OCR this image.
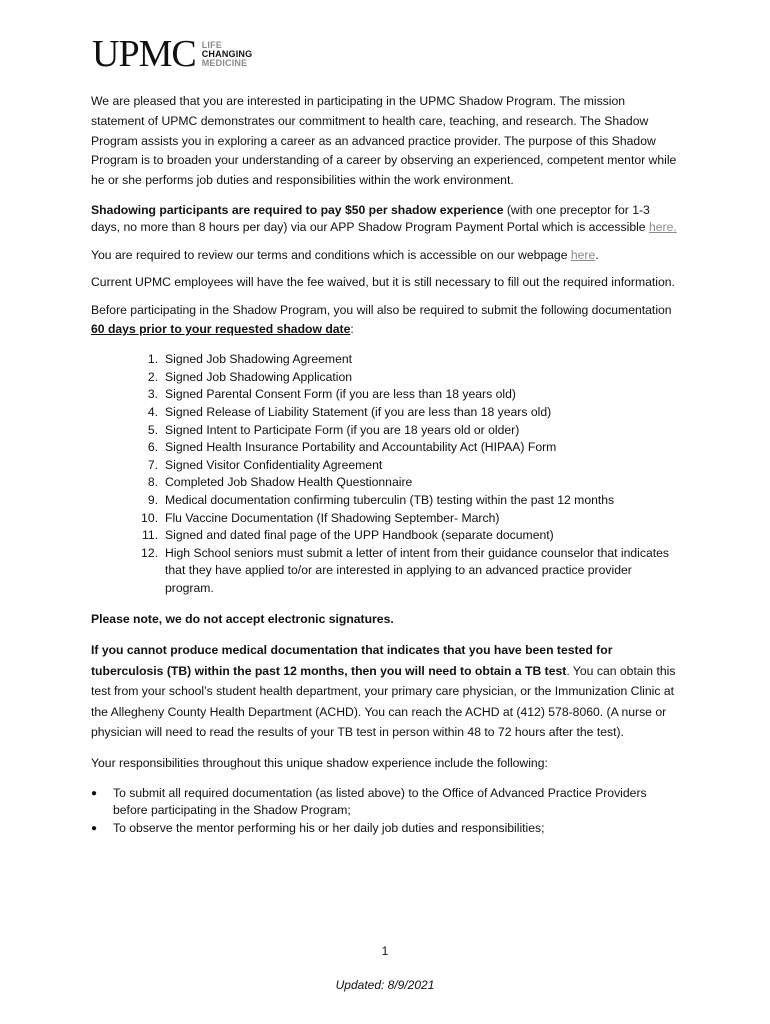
UPMC LIFE
CHANGING
MEDICINE

We are pleased that you are interested in participating in the UPMC Shadow Program. The mission statement of UPMC demonstrates our commitment to health care, teaching, and research. The Shadow Program assists you in exploring a career as an advanced practice provider. The purpose of this Shadow Program is to broaden your understanding of a career by observing an experienced, competent mentor while he or she performs job duties and responsibilities within the work environment.

Shadowing participants are required to pay $50 per shadow experience (with one preceptor for 1-3 days, no more than 8 hours per day) via our APP Shadow Program Payment Portal which is accessible here.

You are required to review our terms and conditions which is accessible on our webpage here.

Current UPMC employees will have the fee waived, but it is still necessary to fill out the required information.

Before participating in the Shadow Program, you will also be required to submit the following documentation 60 days prior to your requested shadow date:

1. Signed Job Shadowing Agreement
2. Signed Job Shadowing Application
3. Signed Parental Consent Form (if you are less than 18 years old)
4. Signed Release of Liability Statement (if you are less than 18 years old)
5. Signed Intent to Participate Form (if you are 18 years old or older)
6. Signed Health Insurance Portability and Accountability Act (HIPAA) Form
7. Signed Visitor Confidentiality Agreement
8. Completed Job Shadow Health Questionnaire
9. Medical documentation confirming tuberculin (TB) testing within the past 12 months
10. Flu Vaccine Documentation (If Shadowing September- March)
11. Signed and dated final page of the UPP Handbook (separate document)
12. High School seniors must submit a letter of intent from their guidance counselor that indicates that they have applied to/or are interested in applying to an advanced practice provider program.

Please note, we do not accept electronic signatures.

If you cannot produce medical documentation that indicates that you have been tested for tuberculosis (TB) within the past 12 months, then you will need to obtain a TB test. You can obtain this test from your school’s student health department, your primary care physician, or the Immunization Clinic at the Allegheny County Health Department (ACHD). You can reach the ACHD at (412) 578-8060. (A nurse or physician will need to read the results of your TB test in person within 48 to 72 hours after the test).

Your responsibilities throughout this unique shadow experience include the following:

●	To submit all required documentation (as listed above) to the Office of Advanced Practice Providers before participating in the Shadow Program;
●	To observe the mentor performing his or her daily job duties and responsibilities;
1
Updated: 8/9/2021
